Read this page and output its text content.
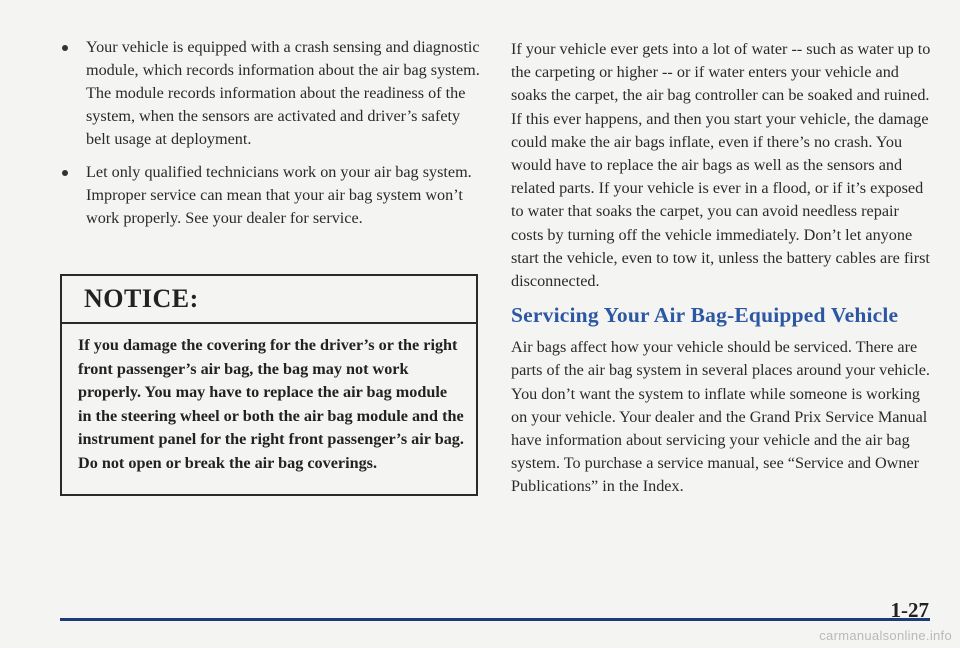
Your vehicle is equipped with a crash sensing and diagnostic module, which records information about the air bag system. The module records information about the readiness of the system, when the sensors are activated and driver’s safety belt usage at deployment.
Let only qualified technicians work on your air bag system. Improper service can mean that your air bag system won’t work properly. See your dealer for service.
NOTICE:
If you damage the covering for the driver’s or the right front passenger’s air bag, the bag may not work properly. You may have to replace the air bag module in the steering wheel or both the air bag module and the instrument panel for the right front passenger’s air bag. Do not open or break the air bag coverings.

If your vehicle ever gets into a lot of water -- such as water up to the carpeting or higher -- or if water enters your vehicle and soaks the carpet, the air bag controller can be soaked and ruined. If this ever happens, and then you start your vehicle, the damage could make the air bags inflate, even if there’s no crash. You would have to replace the air bags as well as the sensors and related parts. If your vehicle is ever in a flood, or if it’s exposed to water that soaks the carpet, you can avoid needless repair costs by turning off the vehicle immediately. Don’t let anyone start the vehicle, even to tow it, unless the battery cables are first disconnected.

Servicing Your Air Bag-Equipped Vehicle

Air bags affect how your vehicle should be serviced. There are parts of the air bag system in several places around your vehicle. You don’t want the system to inflate while someone is working on your vehicle. Your dealer and the Grand Prix Service Manual have information about servicing your vehicle and the air bag system. To purchase a service manual, see “Service and Owner Publications” in the Index.

1-27
carmanualsonline.info
